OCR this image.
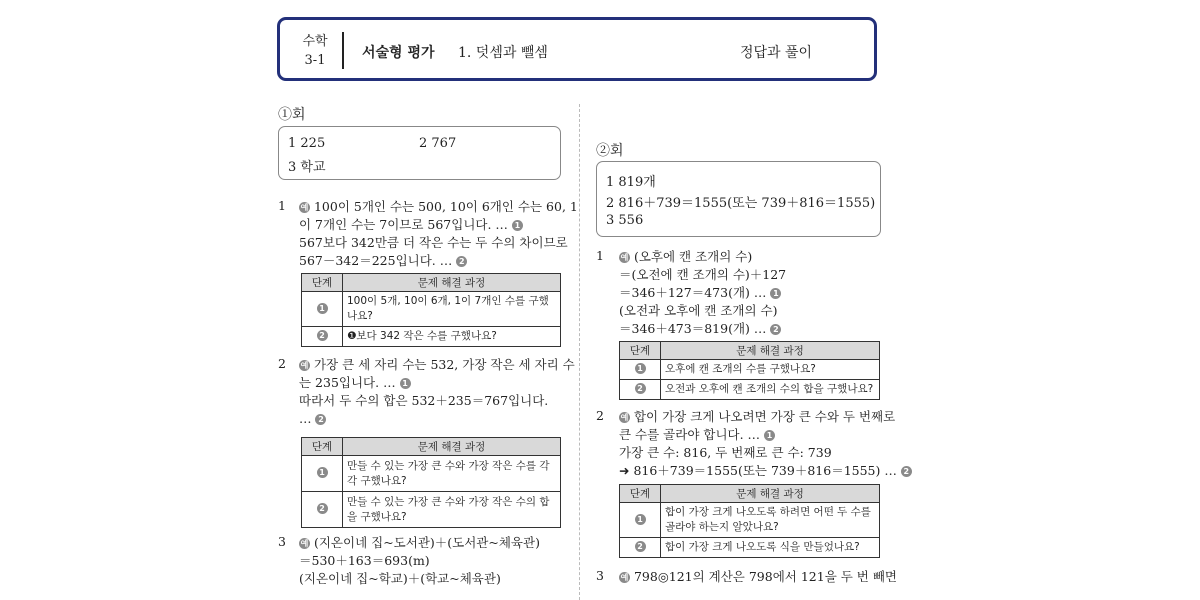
수학
3-1	서술형 평가 1. 덧셈과 뺄셈	정답과 풀이
①회
1 225	2 767
3 학교
1	예 100이 5개인 수는 500, 10이 6개인 수는 60, 1
이 7개인 수는 7이므로 567입니다. … 1
567보다 342만큼 더 작은 수는 두 수의 차이므로
567－342＝225입니다. … 2
단계	문제 해결 과정
1	100이 5개, 10이 6개, 1이 7개인 수를 구했나요?
2	❶보다 342 작은 수를 구했나요?
2	예 가장 큰 세 자리 수는 532, 가장 작은 세 자리 수
는 235입니다. … 1
따라서 두 수의 합은 532＋235＝767입니다.
… 2
단계	문제 해결 과정
1	만들 수 있는 가장 큰 수와 가장 작은 수를 각각 구했나요?
2	만들 수 있는 가장 큰 수와 가장 작은 수의 합을 구했나요?
3	예 (지온이네 집~도서관)＋(도서관~체육관)
＝530＋163＝693(m)
(지온이네 집~학교)＋(학교~체육관)
②회
1 819개
2 816＋739＝1555(또는 739＋816＝1555)
3 556
1	예 (오후에 캔 조개의 수)
＝(오전에 캔 조개의 수)＋127
＝346＋127＝473(개) … 1
(오전과 오후에 캔 조개의 수)
＝346＋473＝819(개) … 2
단계	문제 해결 과정
1	오후에 캔 조개의 수를 구했나요?
2	오전과 오후에 캔 조개의 수의 합을 구했나요?
2	예 합이 가장 크게 나오려면 가장 큰 수와 두 번째로
큰 수를 골라야 합니다. … 1
가장 큰 수: 816, 두 번째로 큰 수: 739
➜ 816＋739＝1555(또는 739＋816＝1555) … 2
단계	문제 해결 과정
1	합이 가장 크게 나오도록 하려면 어떤 두 수를 골라야 하는지 알았나요?
2	합이 가장 크게 나오도록 식을 만들었나요?
3	예 798◎121의 계산은 798에서 121을 두 번 빼면
